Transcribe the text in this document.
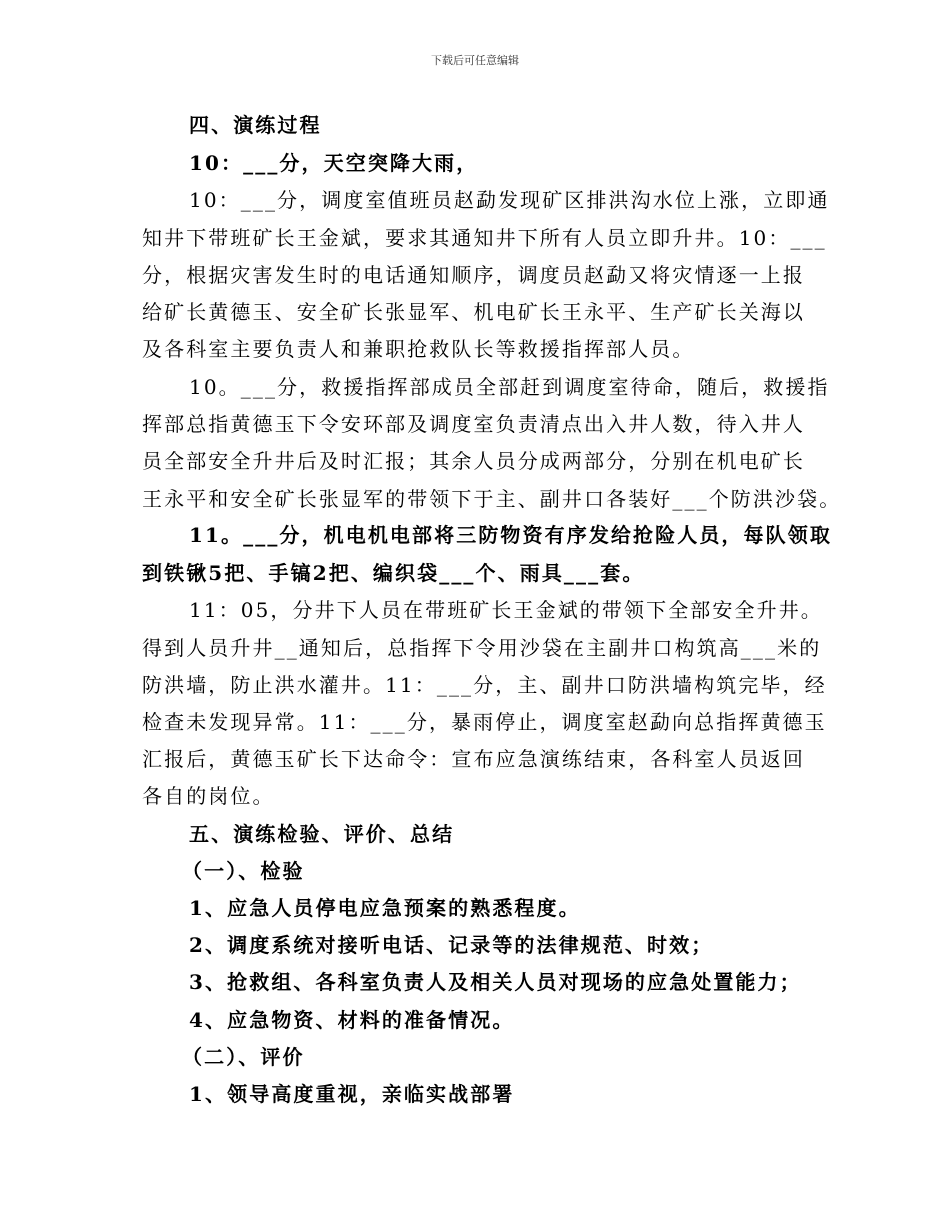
下载后可任意编辑

四、演练过程

10：___分，天空突降大雨，

10：___分，调度室值班员赵勐发现矿区排洪沟水位上涨，立即通

知井下带班矿长王金斌，要求其通知井下所有人员立即升井。10：___

分，根据灾害发生时的电话通知顺序，调度员赵勐又将灾情逐一上报

给矿长黄德玉、安全矿长张显军、机电矿长王永平、生产矿长关海以

及各科室主要负责人和兼职抢救队长等救援指挥部人员。

10。___分，救援指挥部成员全部赶到调度室待命，随后，救援指

挥部总指黄德玉下令安环部及调度室负责清点出入井人数，待入井人

员全部安全升井后及时汇报；其余人员分成两部分，分别在机电矿长

王永平和安全矿长张显军的带领下于主、副井口各装好___个防洪沙袋。

11。___分，机电机电部将三防物资有序发给抢险人员，每队领取

到铁锹5把、手镐2把、编织袋___个、雨具___套。

11：05，分井下人员在带班矿长王金斌的带领下全部安全升井。

得到人员升井__通知后，总指挥下令用沙袋在主副井口构筑高___米的

防洪墙，防止洪水灌井。11：___分，主、副井口防洪墙构筑完毕，经

检查未发现异常。11：___分，暴雨停止，调度室赵勐向总指挥黄德玉

汇报后，黄德玉矿长下达命令：宣布应急演练结束，各科室人员返回

各自的岗位。

五、演练检验、评价、总结

（一）、检验

1、应急人员停电应急预案的熟悉程度。

2、调度系统对接听电话、记录等的法律规范、时效；

3、抢救组、各科室负责人及相关人员对现场的应急处置能力；

4、应急物资、材料的准备情况。

（二）、评价

1、领导高度重视，亲临实战部署
